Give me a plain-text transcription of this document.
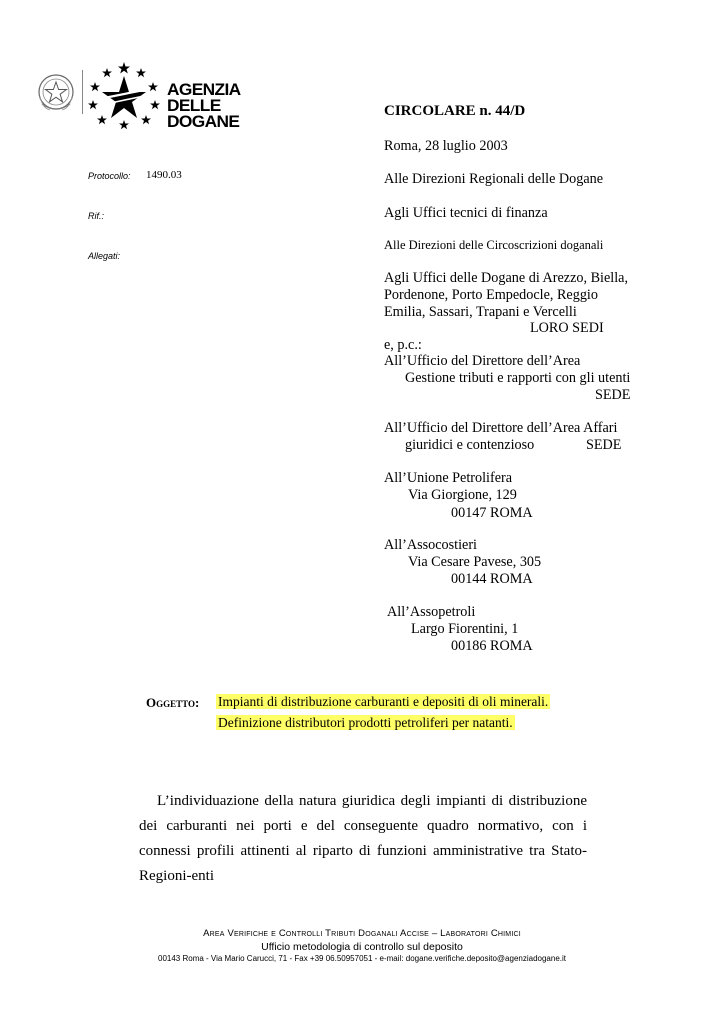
AGENZIA
DELLE
DOGANE
CIRCOLARE n. 44/D
Roma, 28 luglio 2003
Protocollo: 1490.03
Rif.:
Allegati:
Alle Direzioni Regionali delle Dogane
Agli Uffici tecnici di finanza
Alle Direzioni delle Circoscrizioni doganali
Agli Uffici delle Dogane di Arezzo, Biella,
Pordenone, Porto Empedocle, Reggio
Emilia, Sassari, Trapani e Vercelli
LORO SEDI
e, p.c.:
All’Ufficio del Direttore dell’Area
Gestione tributi e rapporti con gli utenti
SEDE
All’Ufficio del Direttore dell’Area Affari
giuridici e contenzioso	SEDE
All’Unione Petrolifera
Via Giorgione, 129
00147 ROMA
All’Assocostieri
Via Cesare Pavese, 305
00144 ROMA
All’Assopetroli
Largo Fiorentini, 1
00186 ROMA
Oggetto: Impianti di distribuzione carburanti e depositi di oli minerali.
Definizione distributori prodotti petroliferi per natanti.
L’individuazione della natura giuridica degli impianti di distribuzione dei carburanti nei porti e del conseguente quadro normativo, con i connessi profili attinenti al riparto di funzioni amministrative tra Stato-Regioni-enti
Area Verifiche e Controlli Tributi Doganali Accise – Laboratori Chimici
Ufficio metodologia di controllo sul deposito
00143 Roma - Via Mario Carucci, 71 - Fax +39 06.50957051 - e-mail: dogane.verifiche.deposito@agenziadogane.it
